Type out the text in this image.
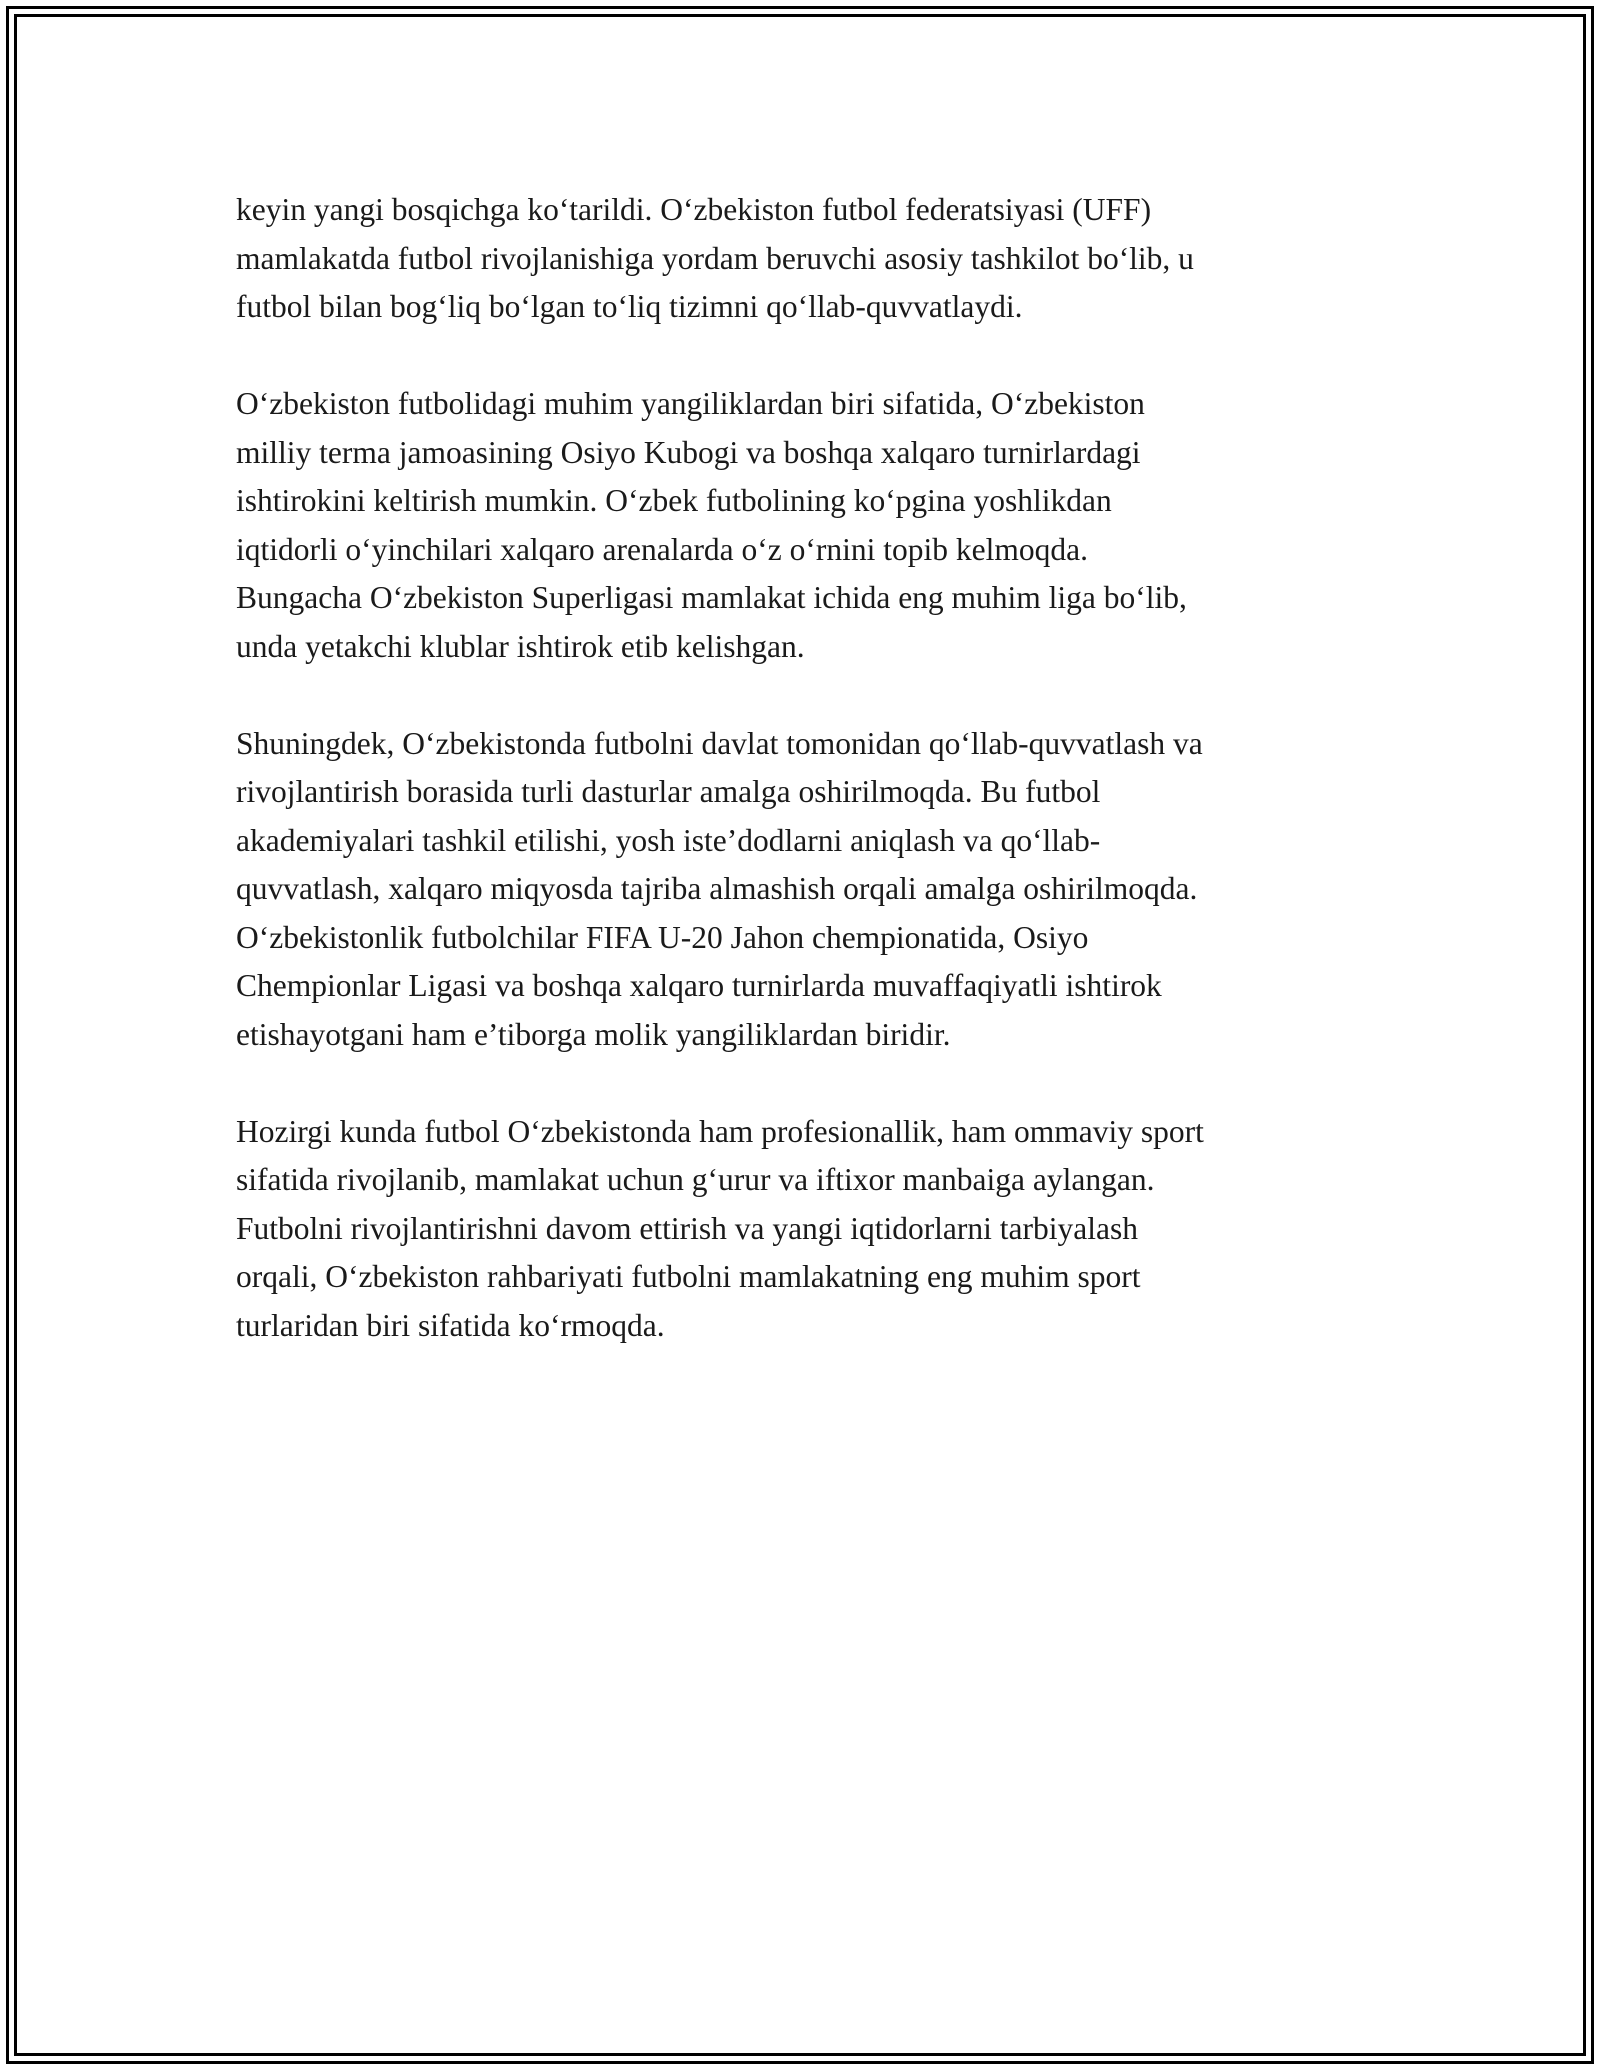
keyin yangi bosqichga ko‘tarildi. O‘zbekiston futbol federatsiyasi (UFF)
mamlakatda futbol rivojlanishiga yordam beruvchi asosiy tashkilot bo‘lib, u
futbol bilan bog‘liq bo‘lgan to‘liq tizimni qo‘llab-quvvatlaydi.

O‘zbekiston futbolidagi muhim yangiliklardan biri sifatida, O‘zbekiston
milliy terma jamoasining Osiyo Kubogi va boshqa xalqaro turnirlardagi
ishtirokini keltirish mumkin. O‘zbek futbolining ko‘pgina yoshlikdan
iqtidorli o‘yinchilari xalqaro arenalarda o‘z o‘rnini topib kelmoqda.
Bungacha O‘zbekiston Superligasi mamlakat ichida eng muhim liga bo‘lib,
unda yetakchi klublar ishtirok etib kelishgan.

Shuningdek, O‘zbekistonda futbolni davlat tomonidan qo‘llab-quvvatlash va
rivojlantirish borasida turli dasturlar amalga oshirilmoqda. Bu futbol
akademiyalari tashkil etilishi, yosh iste’dodlarni aniqlash va qo‘llab-
quvvatlash, xalqaro miqyosda tajriba almashish orqali amalga oshirilmoqda.
O‘zbekistonlik futbolchilar FIFA U-20 Jahon chempionatida, Osiyo
Chempionlar Ligasi va boshqa xalqaro turnirlarda muvaffaqiyatli ishtirok
etishayotgani ham e’tiborga molik yangiliklardan biridir.

Hozirgi kunda futbol O‘zbekistonda ham profesionallik, ham ommaviy sport
sifatida rivojlanib, mamlakat uchun g‘urur va iftixor manbaiga aylangan.
Futbolni rivojlantirishni davom ettirish va yangi iqtidorlarni tarbiyalash
orqali, O‘zbekiston rahbariyati futbolni mamlakatning eng muhim sport
turlaridan biri sifatida ko‘rmoqda.
